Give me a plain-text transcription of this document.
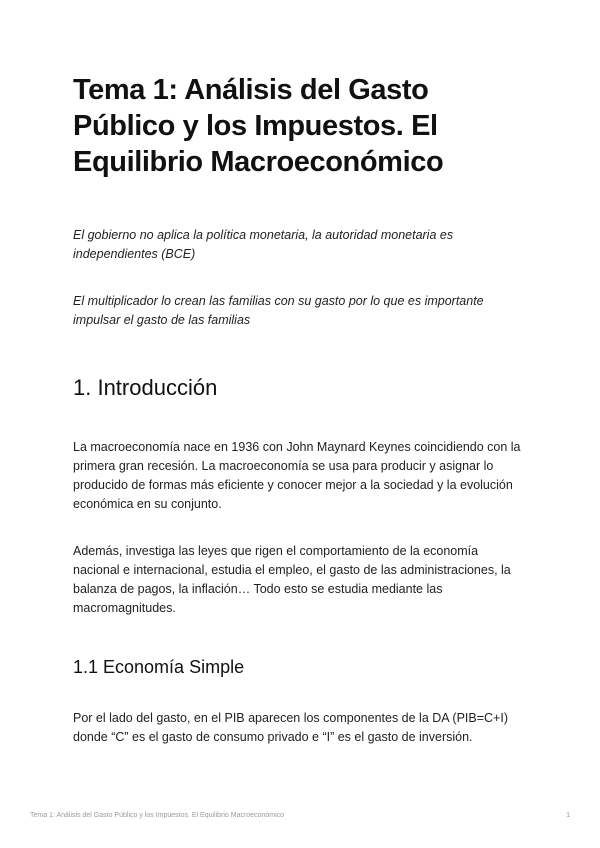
Tema 1: Análisis del Gasto Público y los Impuestos. El Equilibrio Macroeconómico

El gobierno no aplica la política monetaria, la autoridad monetaria es independientes (BCE)

El multiplicador lo crean las familias con su gasto por lo que es importante impulsar el gasto de las familias

1. Introducción

La macroeconomía nace en 1936 con John Maynard Keynes coincidiendo con la primera gran recesión. La macroeconomía se usa para producir y asignar lo producido de formas más eficiente y conocer mejor a la sociedad y la evolución económica en su conjunto.

Además, investiga las leyes que rigen el comportamiento de la economía nacional e internacional, estudia el empleo, el gasto de las administraciones, la balanza de pagos, la inflación… Todo esto se estudia mediante las macromagnitudes.

1.1 Economía Simple

Por el lado del gasto, en el PIB aparecen los componentes de la DA (PIB=C+I) donde “C” es el gasto de consumo privado e “I” es el gasto de inversión.

Tema 1: Análisis del Gasto Público y los Impuestos. El Equilibrio Macroeconómico	1
